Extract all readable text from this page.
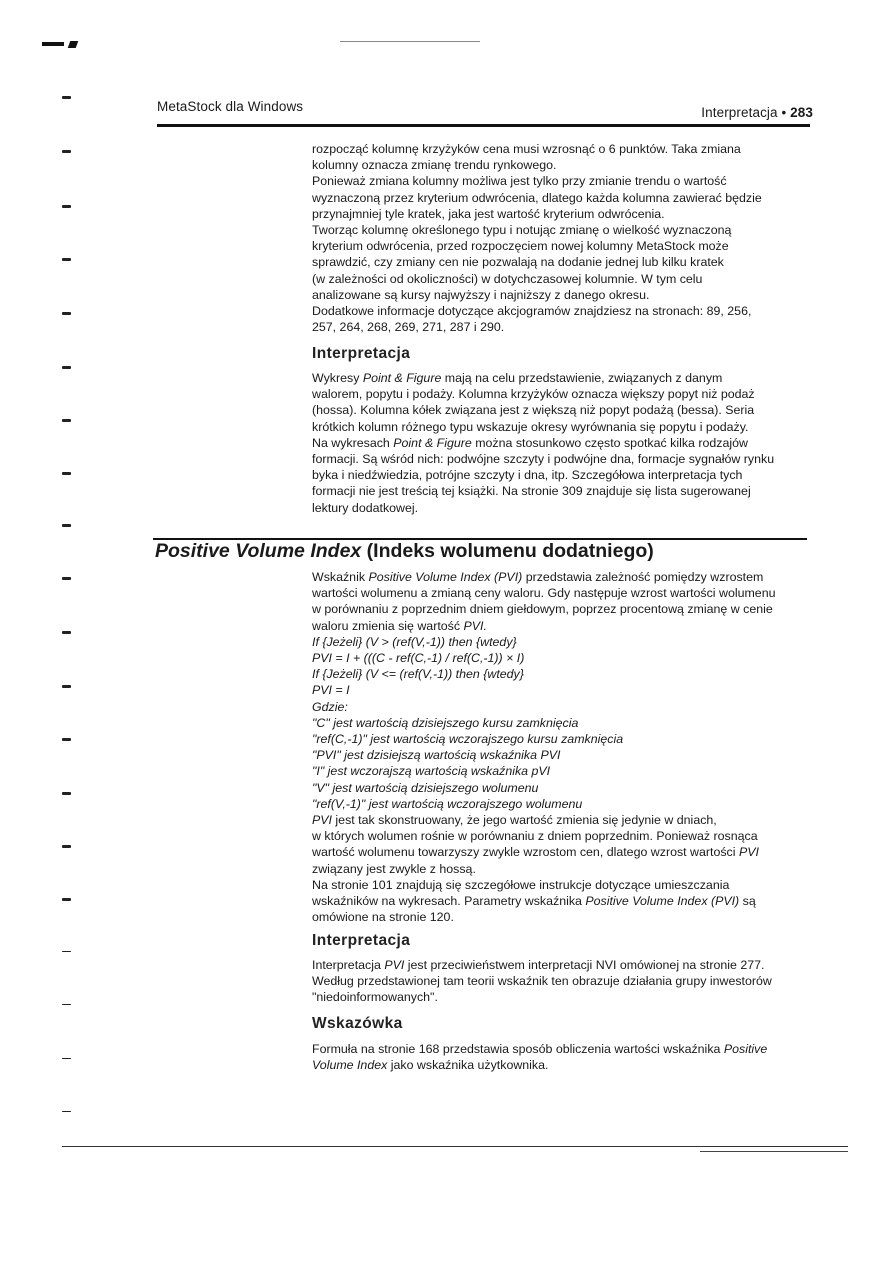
MetaStock dla Windows	Interpretacja • 283
rozpocząć kolumnę krzyżyków cena musi wzrosnąć o 6 punktów. Taka zmiana
kolumny oznacza zmianę trendu rynkowego.
Ponieważ zmiana kolumny możliwa jest tylko przy zmianie trendu o wartość
wyznaczoną przez kryterium odwrócenia, dlatego każda kolumna zawierać będzie
przynajmniej tyle kratek, jaka jest wartość kryterium odwrócenia.
Tworząc kolumnę określonego typu i notując zmianę o wielkość wyznaczoną
kryterium odwrócenia, przed rozpoczęciem nowej kolumny MetaStock może
sprawdzić, czy zmiany cen nie pozwalają na dodanie jednej lub kilku kratek
(w zależności od okoliczności) w dotychczasowej kolumnie. W tym celu
analizowane są kursy najwyższy i najniższy z danego okresu.
Dodatkowe informacje dotyczące akcjogramów znajdziesz na stronach: 89, 256,
257, 264, 268, 269, 271, 287 i 290.
Interpretacja
Wykresy Point & Figure mają na celu przedstawienie, związanych z danym
walorem, popytu i podaży. Kolumna krzyżyków oznacza większy popyt niż podaż
(hossa). Kolumna kółek związana jest z większą niż popyt podażą (bessa). Seria
krótkich kolumn różnego typu wskazuje okresy wyrównania się popytu i podaży.
Na wykresach Point & Figure można stosunkowo często spotkać kilka rodzajów
formacji. Są wśród nich: podwójne szczyty i podwójne dna, formacje sygnałów rynku
byka i niedźwiedzia, potrójne szczyty i dna, itp. Szczegółowa interpretacja tych
formacji nie jest treścią tej książki. Na stronie 309 znajduje się lista sugerowanej
lektury dodatkowej.
Positive Volume Index (Indeks wolumenu dodatniego)
Wskaźnik Positive Volume Index (PVI) przedstawia zależność pomiędzy wzrostem
wartości wolumenu a zmianą ceny waloru. Gdy następuje wzrost wartości wolumenu
w porównaniu z poprzednim dniem giełdowym, poprzez procentową zmianę w cenie
waloru zmienia się wartość PVI.
If {Jeżeli} (V > (ref(V,-1)) then {wtedy}
PVI = I + (((C - ref(C,-1) / ref(C,-1)) × I)
If {Jeżeli} (V <= (ref(V,-1)) then {wtedy}
PVI = I
Gdzie:
"C" jest wartością dzisiejszego kursu zamknięcia
"ref(C,-1)" jest wartością wczorajszego kursu zamknięcia
"PVI" jest dzisiejszą wartością wskaźnika PVI
"I" jest wczorajszą wartością wskaźnika pVI
"V" jest wartością dzisiejszego wolumenu
"ref(V,-1)" jest wartością wczorajszego wolumenu
PVI jest tak skonstruowany, że jego wartość zmienia się jedynie w dniach,
w których wolumen rośnie w porównaniu z dniem poprzednim. Ponieważ rosnąca
wartość wolumenu towarzyszy zwykle wzrostom cen, dlatego wzrost wartości PVI
związany jest zwykle z hossą.
Na stronie 101 znajdują się szczegółowe instrukcje dotyczące umieszczania
wskaźników na wykresach. Parametry wskaźnika Positive Volume Index (PVI) są
omówione na stronie 120.
Interpretacja
Interpretacja PVI jest przeciwieństwem interpretacji NVI omówionej na stronie 277.
Według przedstawionej tam teorii wskaźnik ten obrazuje działania grupy inwestorów
"niedoinformowanych".
Wskazówka
Formuła na stronie 168 przedstawia sposób obliczenia wartości wskaźnika Positive
Volume Index jako wskaźnika użytkownika.
